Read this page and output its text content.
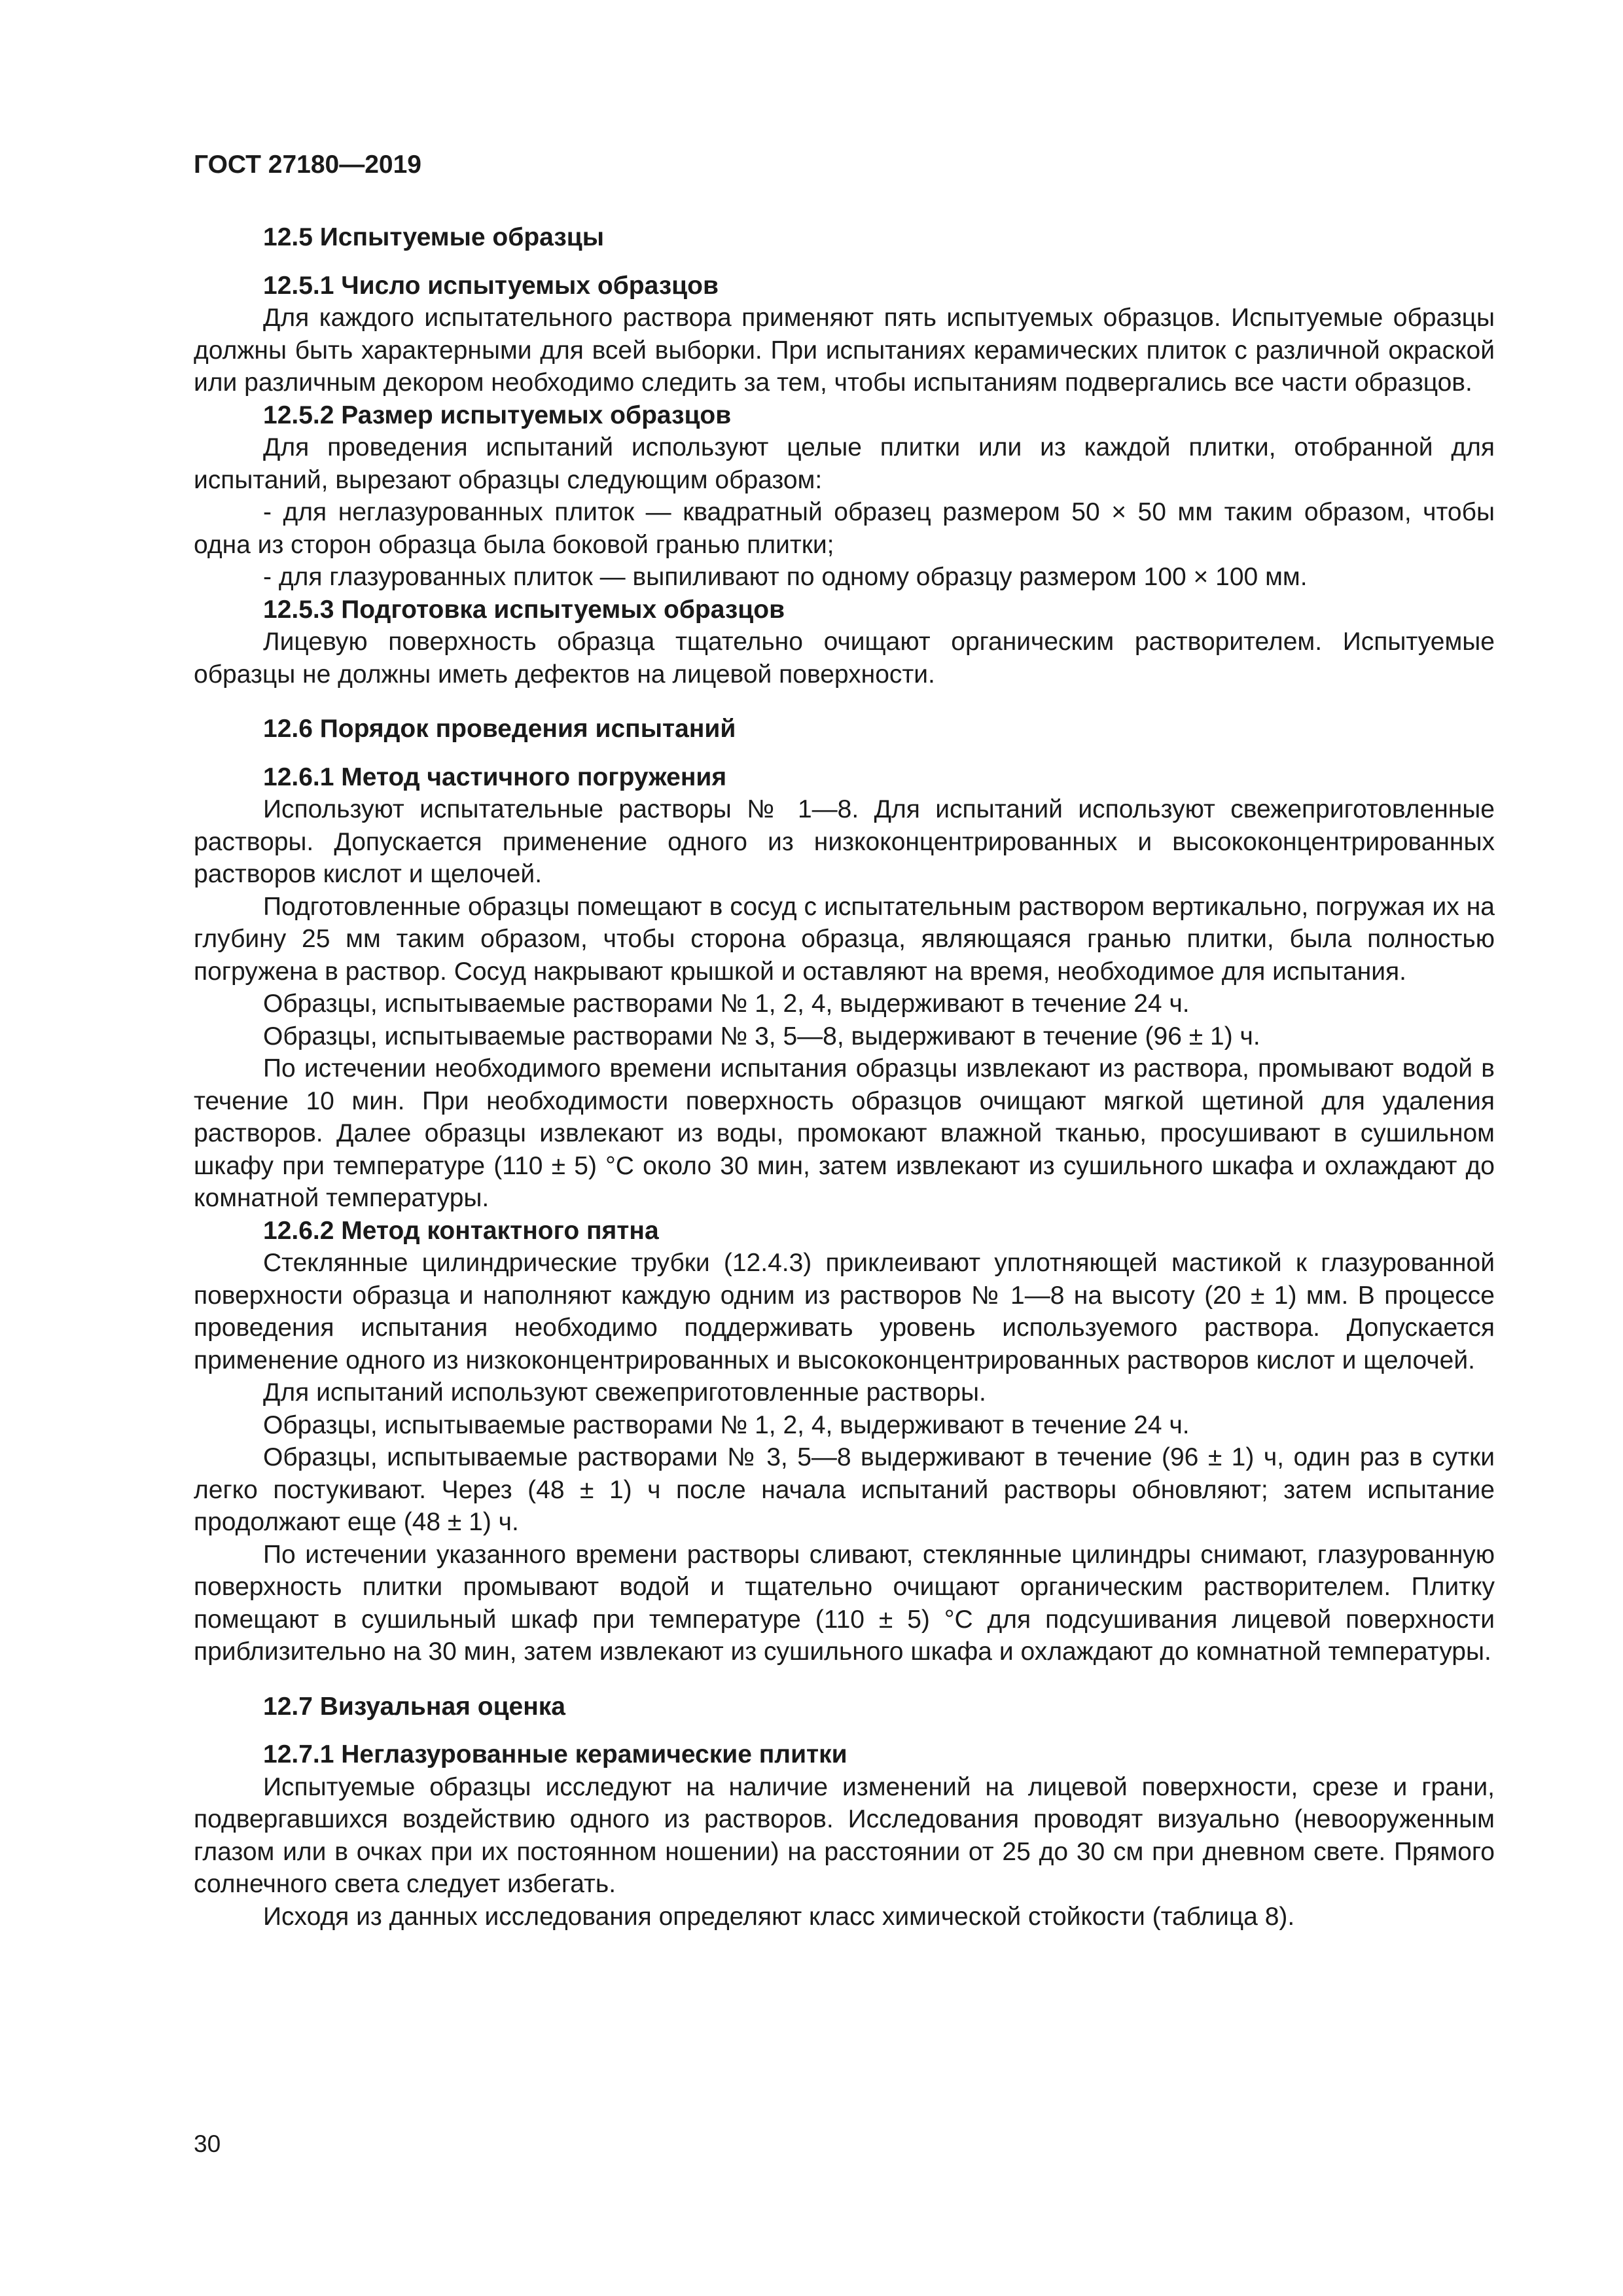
ГОСТ 27180—2019
12.5 Испытуемые образцы
12.5.1 Число испытуемых образцов

Для каждого испытательного раствора применяют пять испытуемых образцов. Испытуемые образцы должны быть характерными для всей выборки. При испытаниях керамических плиток с различной окраской или различным декором необходимо следить за тем, чтобы испытаниям подвергались все части образцов.

12.5.2 Размер испытуемых образцов

Для проведения испытаний используют целые плитки или из каждой плитки, отобранной для испытаний, вырезают образцы следующим образом:

- для неглазурованных плиток — квадратный образец размером 50 × 50 мм таким образом, чтобы одна из сторон образца была боковой гранью плитки;

- для глазурованных плиток — выпиливают по одному образцу размером 100 × 100 мм.

12.5.3 Подготовка испытуемых образцов

Лицевую поверхность образца тщательно очищают органическим растворителем. Испытуемые образцы не должны иметь дефектов на лицевой поверхности.

12.6 Порядок проведения испытаний
12.6.1 Метод частичного погружения

Используют испытательные растворы № 1—8. Для испытаний используют свежеприготовленные растворы. Допускается применение одного из низкоконцентрированных и высококонцентрированных растворов кислот и щелочей.

Подготовленные образцы помещают в сосуд с испытательным раствором вертикально, погружая их на глубину 25 мм таким образом, чтобы сторона образца, являющаяся гранью плитки, была полностью погружена в раствор. Сосуд накрывают крышкой и оставляют на время, необходимое для испытания.

Образцы, испытываемые растворами № 1, 2, 4, выдерживают в течение 24 ч.

Образцы, испытываемые растворами № 3, 5—8, выдерживают в течение (96 ± 1) ч.

По истечении необходимого времени испытания образцы извлекают из раствора, промывают водой в течение 10 мин. При необходимости поверхность образцов очищают мягкой щетиной для удаления растворов. Далее образцы извлекают из воды, промокают влажной тканью, просушивают в сушильном шкафу при температуре (110 ± 5) °С около 30 мин, затем извлекают из сушильного шкафа и охлаждают до комнатной температуры.

12.6.2 Метод контактного пятна

Стеклянные цилиндрические трубки (12.4.3) приклеивают уплотняющей мастикой к глазурованной поверхности образца и наполняют каждую одним из растворов № 1—8 на высоту (20 ± 1) мм. В процессе проведения испытания необходимо поддерживать уровень используемого раствора. Допускается применение одного из низкоконцентрированных и высококонцентрированных растворов кислот и щелочей.

Для испытаний используют свежеприготовленные растворы.

Образцы, испытываемые растворами № 1, 2, 4, выдерживают в течение 24 ч.

Образцы, испытываемые растворами № 3, 5—8 выдерживают в течение (96 ± 1) ч, один раз в сутки легко постукивают. Через (48 ± 1) ч после начала испытаний растворы обновляют; затем испытание продолжают еще (48 ± 1) ч.

По истечении указанного времени растворы сливают, стеклянные цилиндры снимают, глазурованную поверхность плитки промывают водой и тщательно очищают органическим растворителем. Плитку помещают в сушильный шкаф при температуре (110 ± 5) °С для подсушивания лицевой поверхности приблизительно на 30 мин, затем извлекают из сушильного шкафа и охлаждают до комнатной температуры.

12.7 Визуальная оценка
12.7.1 Неглазурованные керамические плитки

Испытуемые образцы исследуют на наличие изменений на лицевой поверхности, срезе и грани, подвергавшихся воздействию одного из растворов. Исследования проводят визуально (невооруженным глазом или в очках при их постоянном ношении) на расстоянии от 25 до 30 см при дневном свете. Прямого солнечного света следует избегать.

Исходя из данных исследования определяют класс химической стойкости (таблица 8).

30
